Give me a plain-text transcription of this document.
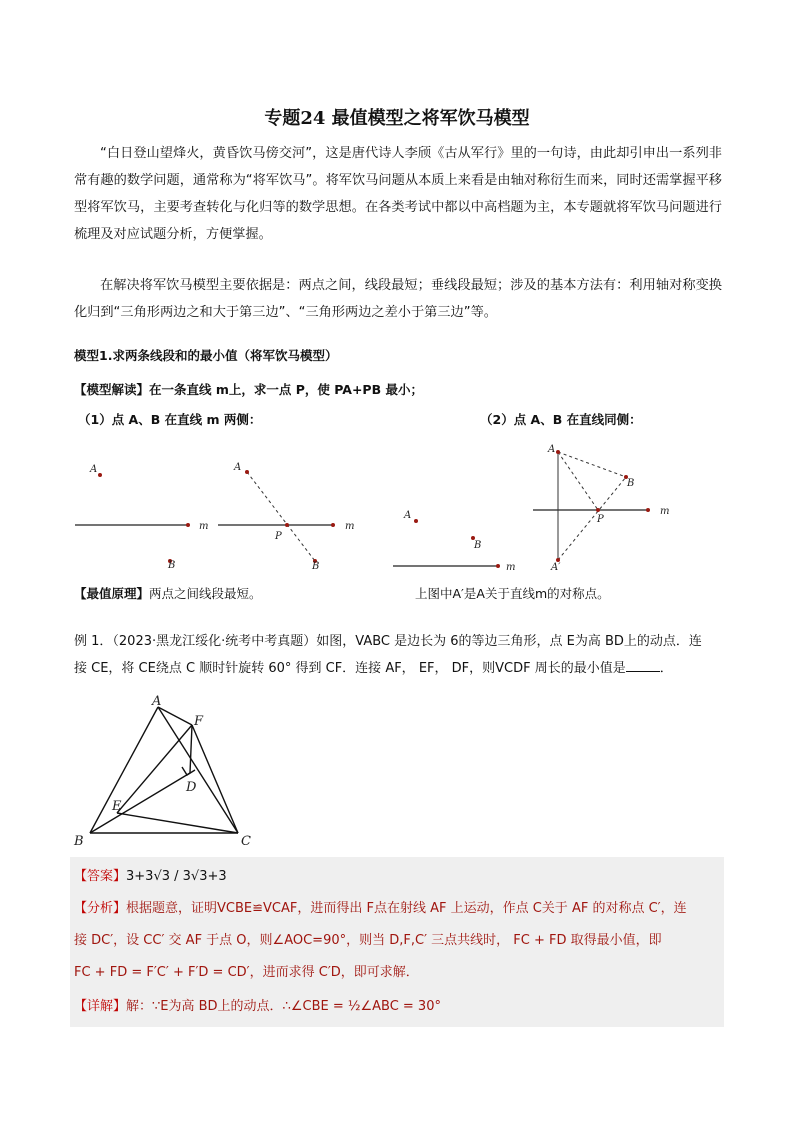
专题24 最值模型之将军饮马模型
“白日登山望烽火，黄昏饮马傍交河”，这是唐代诗人李颀《古从军行》里的一句诗，由此却引申出一系列非常有趣的数学问题，通常称为“将军饮马”。将军饮马问题从本质上来看是由轴对称衍生而来，同时还需掌握平移型将军饮马，主要考查转化与化归等的数学思想。在各类考试中都以中高档题为主，本专题就将军饮马问题进行梳理及对应试题分析，方便掌握。
在解决将军饮马模型主要依据是：两点之间，线段最短；垂线段最短；涉及的基本方法有：利用轴对称变换化归到“三角形两边之和大于第三边”、“三角形两边之差小于第三边”等。
模型1.求两条线段和的最小值（将军饮马模型）
【模型解读】在一条直线 m上，求一点 P，使 PA+PB 最小；
（1）点 A、B 在直线 m 两侧：	（2）点 A、B 在直线同侧：
A
B
m
A
P
B
m
A
B
m
A
B
P
A′
m
【最值原理】两点之间线段最短。	上图中A′是A关于直线m的对称点。
例 1．（2023·黑龙江绥化·统考中考真题）如图，VABC 是边长为 6的等边三角形，点 E为高 BD上的动点．连
接 CE，将 CE绕点 C 顺时针旋转 60° 得到 CF．连接 AF， EF， DF，则VCDF 周长的最小值是	．
A
F
D
E
B	C
【答案】3+3√3 / 3√3+3
【分析】根据题意，证明VCBE≌VCAF，进而得出 F点在射线 AF 上运动，作点 C关于 AF 的对称点 C′，连
接 DC′，设 CC′ 交 AF 于点 O，则∠AOC=90°，则当 D,F,C′ 三点共线时， FC + FD 取得最小值，即
FC + FD = F′C′ + F′D = CD′，进而求得 C′D，即可求解．
【详解】解：∵E为高 BD上的动点．∴∠CBE = ½∠ABC = 30°
